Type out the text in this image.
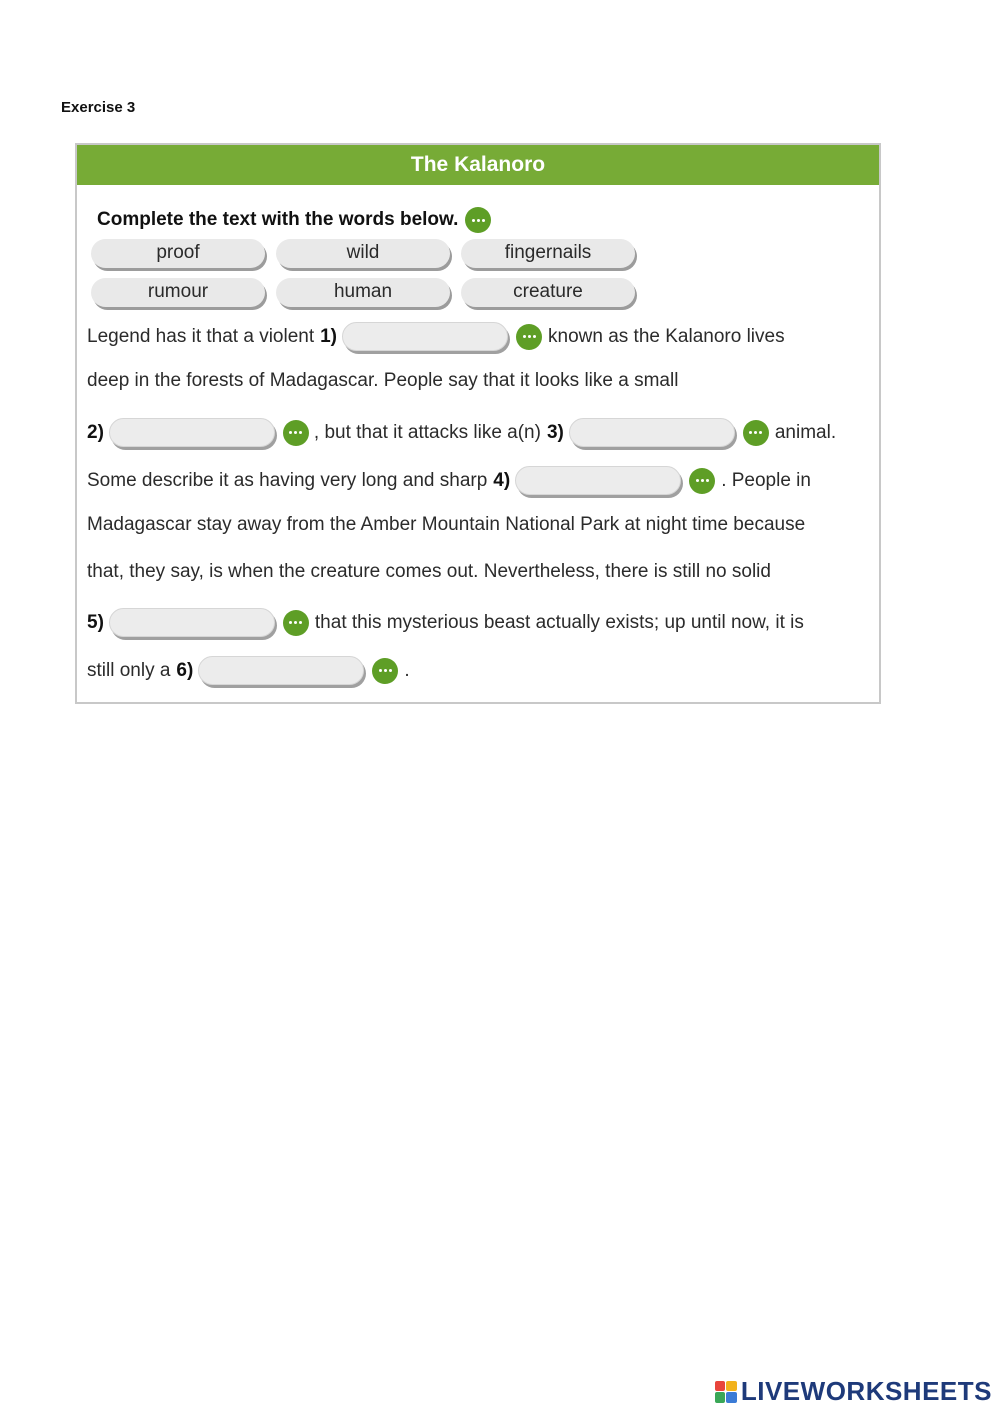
Exercise 3
The Kalanoro
Complete the text with the words below.
proof	wild	fingernails
rumour	human	creature
Legend has it that a violent 1)	known as the Kalanoro lives
deep in the forests of Madagascar. People say that it looks like a small
2)	, but that it attacks like a(n) 3)	animal.
Some describe it as having very long and sharp 4)	. People in
Madagascar stay away from the Amber Mountain National Park at night time because
that, they say, is when the creature comes out. Nevertheless, there is still no solid
5)	that this mysterious beast actually exists; up until now, it is
still only a 6)	.
LIVEWORKSHEETS
